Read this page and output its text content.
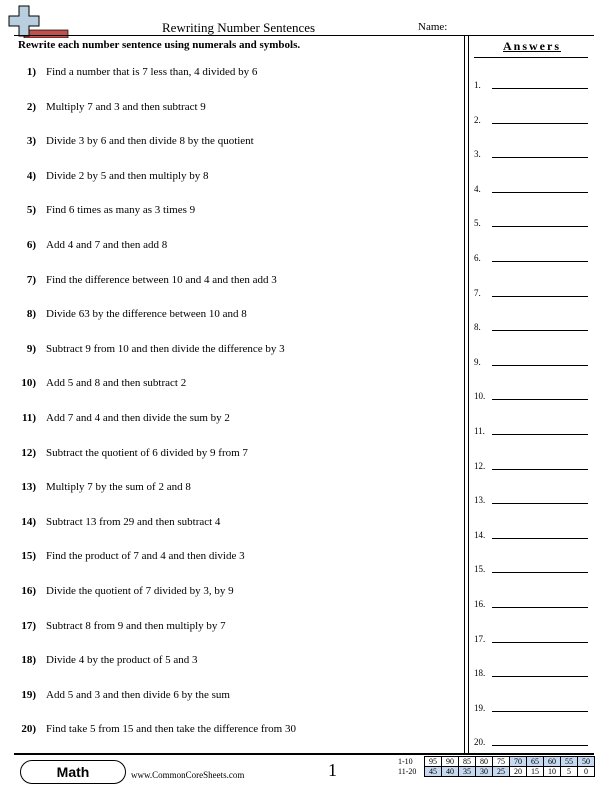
Rewriting Number Sentences	Name:
Rewrite each number sentence using numerals and symbols.	Answers
1) Find a number that is 7 less than, 4 divided by 6
2) Multiply 7 and 3 and then subtract 9
3) Divide 3 by 6 and then divide 8 by the quotient
4) Divide 2 by 5 and then multiply by 8
5) Find 6 times as many as 3 times 9
6) Add 4 and 7 and then add 8
7) Find the difference between 10 and 4 and then add 3
8) Divide 63 by the difference between 10 and 8
9) Subtract 9 from 10 and then divide the difference by 3
10) Add 5 and 8 and then subtract 2
11) Add 7 and 4 and then divide the sum by 2
12) Subtract the quotient of 6 divided by 9 from 7
13) Multiply 7 by the sum of 2 and 8
14) Subtract 13 from 29 and then subtract 4
15) Find the product of 7 and 4 and then divide 3
16) Divide the quotient of 7 divided by 3, by 9
17) Subtract 8 from 9 and then multiply by 7
18) Divide 4 by the product of 5 and 3
19) Add 5 and 3 and then divide 6 by the sum
20) Find take 5 from 15 and then take the difference from 30
1.
2.
3.
4.
5.
6.
7.
8.
9.
10.
11.
12.
13.
14.
15.
16.
17.
18.
19.
20.
Math	www.CommonCoreSheets.com	1	1-10	95	90	85	80	75	70	65	60	55	50
11-20	45	40	35	30	25	20	15	10	5	0
